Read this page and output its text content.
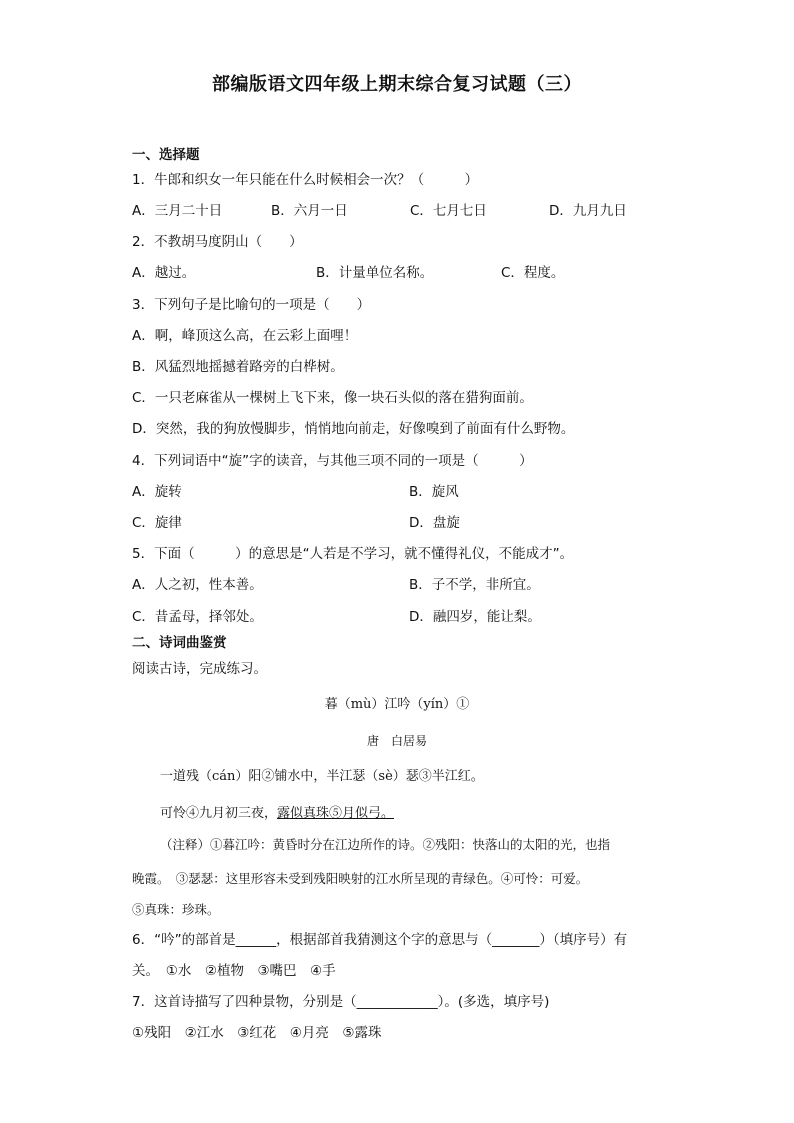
部编版语文四年级上期末综合复习试题（三）
一、选择题
1．牛郎和织女一年只能在什么时候相会一次？（　　　）
A．三月二十日	B．六月一日	C．七月七日	D．九月九日
2．不教胡马度阴山（　　）
A．越过。	B．计量单位名称。	C．程度。
3．下列句子是比喻句的一项是（　　）
A．啊，峰顶这么高，在云彩上面哩！
B．风猛烈地摇撼着路旁的白桦树。
C．一只老麻雀从一棵树上飞下来，像一块石头似的落在猎狗面前。
D．突然，我的狗放慢脚步，悄悄地向前走，好像嗅到了前面有什么野物。
4．下列词语中“旋”字的读音，与其他三项不同的一项是（　　　）
A．旋转	B．旋风
C．旋律	D．盘旋
5．下面（　　　）的意思是“人若是不学习，就不懂得礼仪，不能成才”。
A．人之初，性本善。	B．子不学，非所宜。
C．昔孟母，择邻处。	D．融四岁，能让梨。
二、诗词曲鉴赏
阅读古诗，完成练习。
暮（mù）江吟（yín）①
唐　白居易
一道残（cán）阳②铺水中，半江瑟（sè）瑟③半江红。
可怜④九月初三夜，露似真珠⑤月似弓。
（注释）①暮江吟：黄昏时分在江边所作的诗。②残阳：快落山的太阳的光，也指
晚霞。　③瑟瑟：这里形容未受到残阳映射的江水所呈现的青绿色。④可怜：可爱。
⑤真珠：珍珠。
6．“吟”的部首是______，根据部首我猜测这个字的意思与（_______）（填序号）有
关。　①水　②植物　③嘴巴　④手
7．这首诗描写了四种景物，分别是（____________）。(多选，填序号)
①残阳　②江水　③红花　④月亮　⑤露珠
